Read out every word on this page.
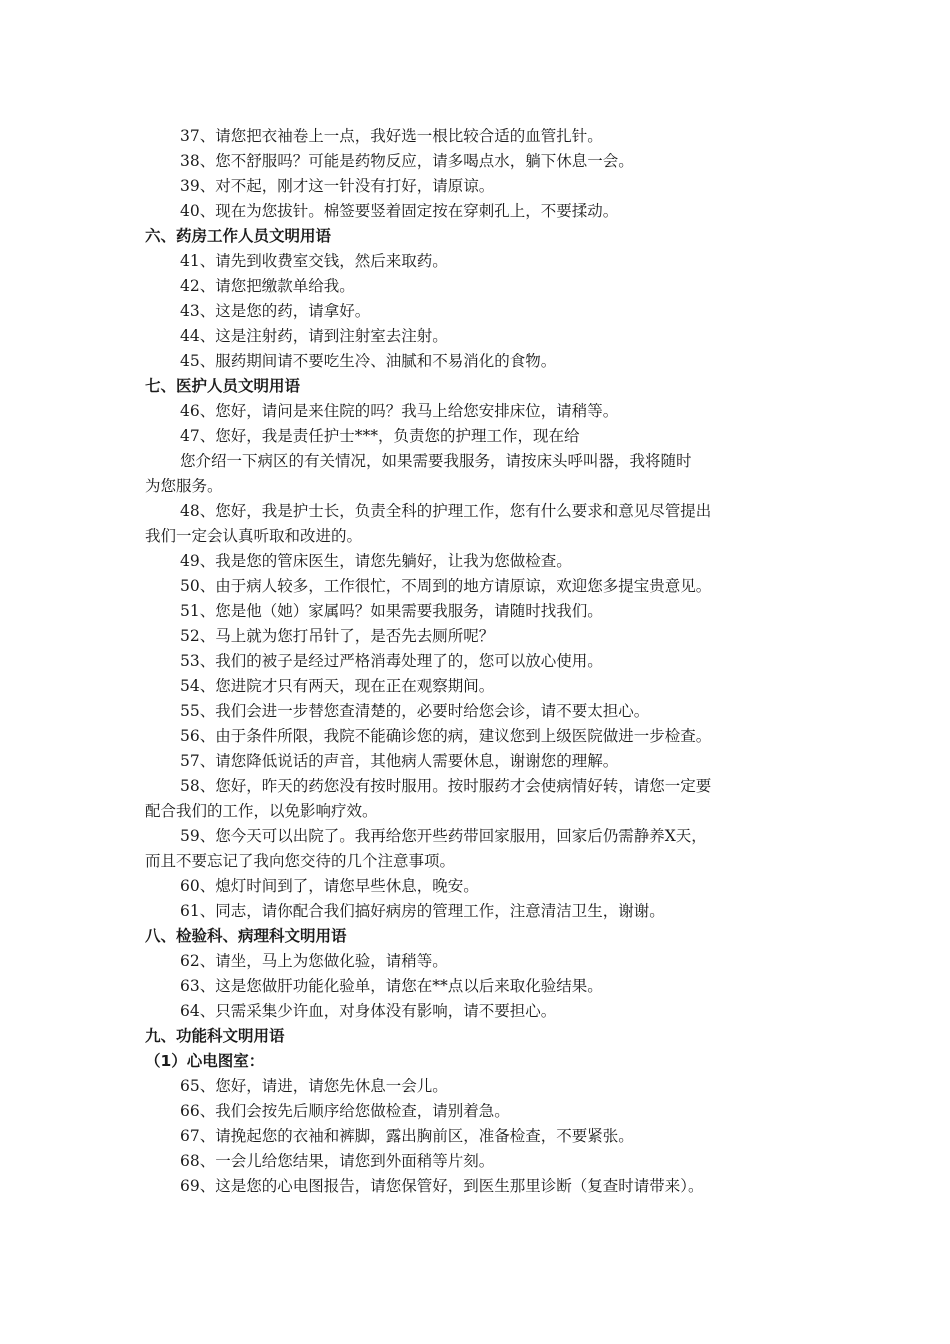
37、请您把衣袖卷上一点，我好选一根比较合适的血管扎针。
38、您不舒服吗？可能是药物反应，请多喝点水，躺下休息一会。
39、对不起，刚才这一针没有打好，请原谅。
40、现在为您拔针。棉签要竖着固定按在穿刺孔上，不要揉动。
六、药房工作人员文明用语
41、请先到收费室交钱，然后来取药。
42、请您把缴款单给我。
43、这是您的药，请拿好。
44、这是注射药，请到注射室去注射。
45、服药期间请不要吃生冷、油腻和不易消化的食物。
七、医护人员文明用语
46、您好，请问是来住院的吗？我马上给您安排床位，请稍等。
47、您好，我是责任护士***，负责您的护理工作，现在给
您介绍一下病区的有关情况，如果需要我服务，请按床头呼叫器，我将随时
为您服务。
48、您好，我是护士长，负责全科的护理工作，您有什么要求和意见尽管提出
我们一定会认真听取和改进的。
49、我是您的管床医生，请您先躺好，让我为您做检查。
50、由于病人较多，工作很忙，不周到的地方请原谅，欢迎您多提宝贵意见。
51、您是他（她）家属吗？如果需要我服务，请随时找我们。
52、马上就为您打吊针了，是否先去厕所呢？
53、我们的被子是经过严格消毒处理了的，您可以放心使用。
54、您进院才只有两天，现在正在观察期间。
55、我们会进一步替您查清楚的，必要时给您会诊，请不要太担心。
56、由于条件所限，我院不能确诊您的病，建议您到上级医院做进一步检查。
57、请您降低说话的声音，其他病人需要休息，谢谢您的理解。
58、您好，昨天的药您没有按时服用。按时服药才会使病情好转，请您一定要
配合我们的工作，以免影响疗效。
59、您今天可以出院了。我再给您开些药带回家服用，回家后仍需静养X天，
而且不要忘记了我向您交待的几个注意事项。
60、熄灯时间到了，请您早些休息，晚安。
61、同志，请你配合我们搞好病房的管理工作，注意清洁卫生，谢谢。
八、检验科、病理科文明用语
62、请坐，马上为您做化验，请稍等。
63、这是您做肝功能化验单，请您在**点以后来取化验结果。
64、只需采集少许血，对身体没有影响，请不要担心。
九、功能科文明用语
（1）心电图室：
65、您好，请进，请您先休息一会儿。
66、我们会按先后顺序给您做检查，请别着急。
67、请挽起您的衣袖和裤脚，露出胸前区，准备检查，不要紧张。
68、一会儿给您结果，请您到外面稍等片刻。
69、这是您的心电图报告，请您保管好，到医生那里诊断（复查时请带来）。
